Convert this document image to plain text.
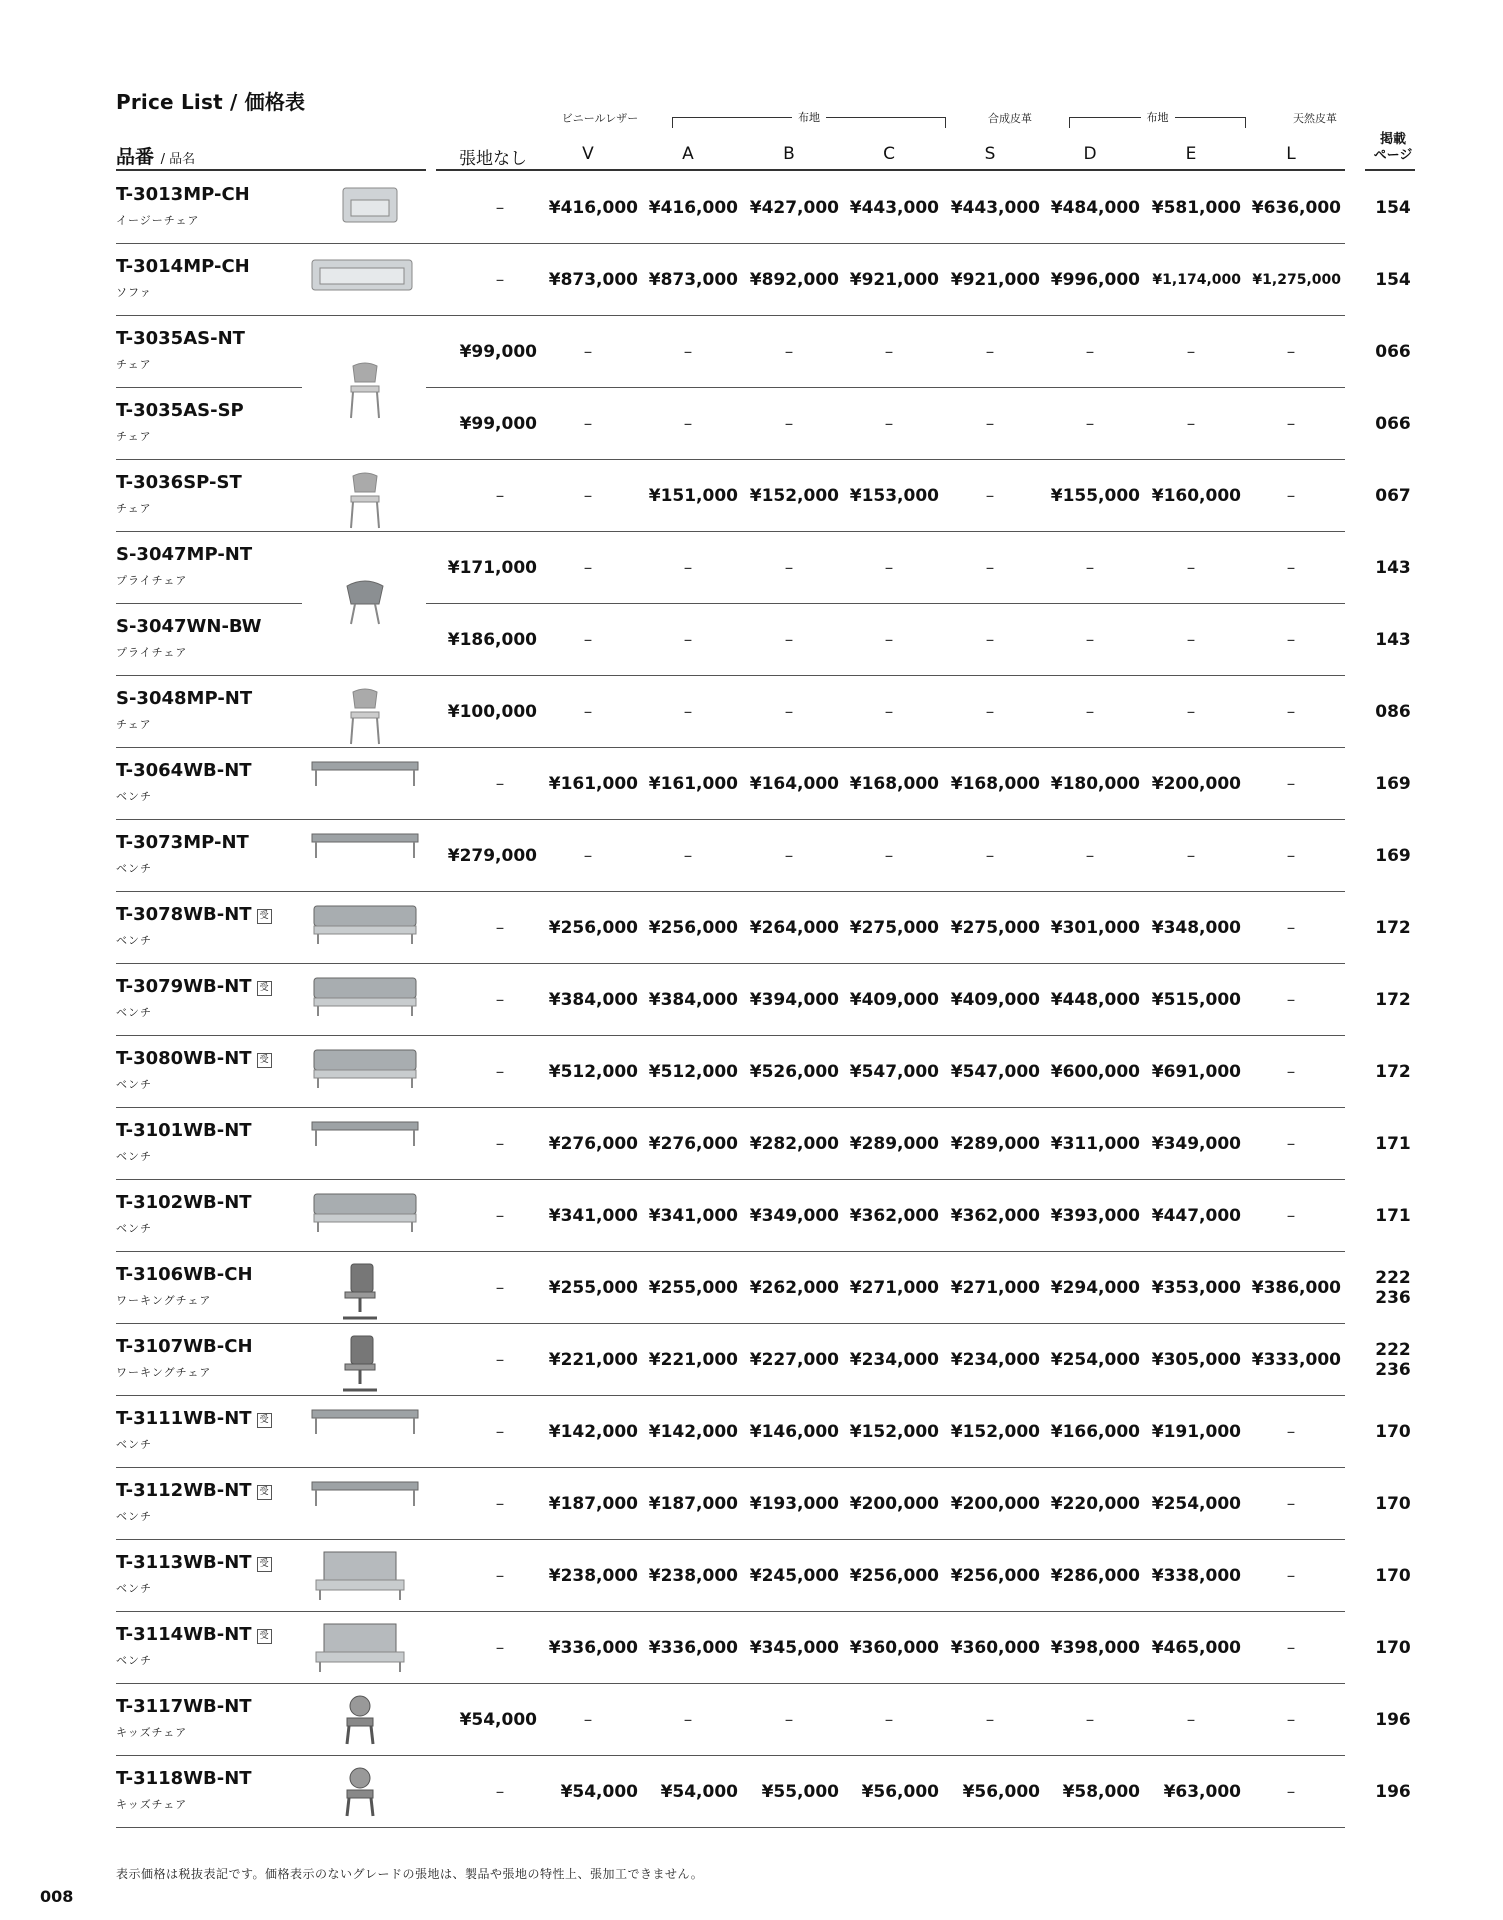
Price List / 価格表
ビニールレザー	布地	合成皮革	布地	天然皮革
品番 / 品名	張地なし	V	A	B	C	S	D	E	L
掲載
ページ
T-3013MP-CH
イージーチェア
–	¥416,000 ¥416,000 ¥427,000 ¥443,000 ¥443,000 ¥484,000 ¥581,000 ¥636,000	154
T-3014MP-CH
ソファ
–	¥873,000 ¥873,000 ¥892,000 ¥921,000 ¥921,000 ¥996,000 ¥1,174,000 ¥1,275,000	154
T-3035AS-NT
チェア
¥99,000	–	–	–	–	–	–	–	–	066
T-3035AS-SP
チェア
¥99,000	–	–	–	–	–	–	–	–	066
T-3036SP-ST
チェア
–	–	¥151,000 ¥152,000 ¥153,000	–	¥155,000 ¥160,000	–	067
S-3047MP-NT
プライチェア
¥171,000	–	–	–	–	–	–	–	–	143
S-3047WN-BW
プライチェア
¥186,000	–	–	–	–	–	–	–	–	143
S-3048MP-NT
チェア
¥100,000	–	–	–	–	–	–	–	–	086
T-3064WB-NT
ベンチ
–	¥161,000 ¥161,000 ¥164,000 ¥168,000 ¥168,000 ¥180,000 ¥200,000	–	169
T-3073MP-NT
ベンチ
¥279,000	–	–	–	–	–	–	–	–	169
T-3078WB-NT 受
ベンチ
–	¥256,000 ¥256,000 ¥264,000 ¥275,000 ¥275,000 ¥301,000 ¥348,000	–	172
T-3079WB-NT 受
ベンチ
–	¥384,000 ¥384,000 ¥394,000 ¥409,000 ¥409,000 ¥448,000 ¥515,000	–	172
T-3080WB-NT 受
ベンチ
–	¥512,000 ¥512,000 ¥526,000 ¥547,000 ¥547,000 ¥600,000 ¥691,000	–	172
T-3101WB-NT
ベンチ
–	¥276,000 ¥276,000 ¥282,000 ¥289,000 ¥289,000 ¥311,000 ¥349,000	–	171
T-3102WB-NT
ベンチ
–	¥341,000 ¥341,000 ¥349,000 ¥362,000 ¥362,000 ¥393,000 ¥447,000	–	171
T-3106WB-CH
ワーキングチェア
–	¥255,000 ¥255,000 ¥262,000 ¥271,000 ¥271,000 ¥294,000 ¥353,000 ¥386,000	222
236
T-3107WB-CH
ワーキングチェア
–	¥221,000 ¥221,000 ¥227,000 ¥234,000 ¥234,000 ¥254,000 ¥305,000 ¥333,000	222
236
T-3111WB-NT 受
ベンチ
–	¥142,000 ¥142,000 ¥146,000 ¥152,000 ¥152,000 ¥166,000 ¥191,000	–	170
T-3112WB-NT 受
ベンチ
–	¥187,000 ¥187,000 ¥193,000 ¥200,000 ¥200,000 ¥220,000 ¥254,000	–	170
T-3113WB-NT 受
ベンチ
–	¥238,000 ¥238,000 ¥245,000 ¥256,000 ¥256,000 ¥286,000 ¥338,000	–	170
T-3114WB-NT 受
ベンチ
–	¥336,000 ¥336,000 ¥345,000 ¥360,000 ¥360,000 ¥398,000 ¥465,000	–	170
T-3117WB-NT
キッズチェア
¥54,000	–	–	–	–	–	–	–	–	196
T-3118WB-NT
キッズチェア
–	¥54,000	¥54,000	¥55,000	¥56,000	¥56,000	¥58,000	¥63,000	–	196
表示価格は税抜表記です。価格表示のないグレードの張地は、製品や張地の特性上、張加工できません。
008
